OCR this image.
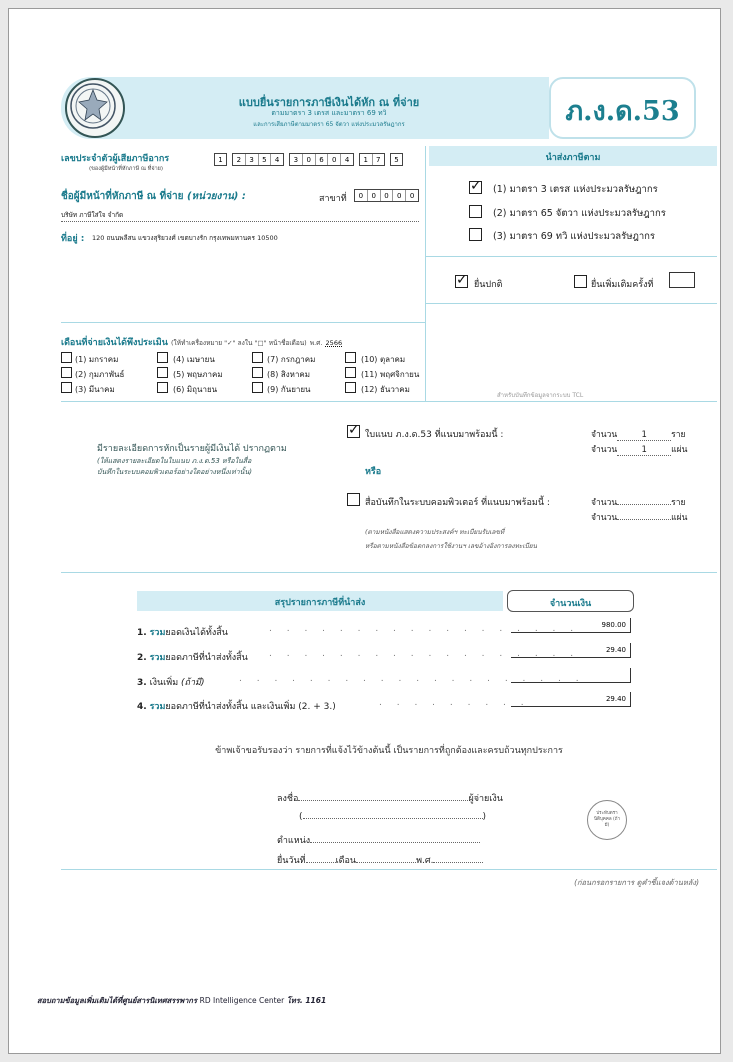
แบบยื่นรายการภาษีเงินได้หัก ณ ที่จ่าย
ตามมาตรา 3 เตรส และมาตรา 69 ทวิ
และการเสียภาษีตามมาตรา 65 จัตวา แห่งประมวลรัษฎากร	ภ.ง.ด.53
เลขประจำตัวผู้เสียภาษีอากร
(ของผู้มีหน้าที่หักภาษี ณ ที่จ่าย)
1	2	3	5	4	3	0	6	0	4	1	7	5
ชื่อผู้มีหน้าที่หักภาษี ณ ที่จ่าย (หน่วยงาน) :	สาขาที่	0	0	0	0	0
บริษัท ภาษีใส่ใจ จำกัด
ที่อยู่ : 120 ถนนพลีสน แขวงสุริยวงศ์ เขตบางรัก กรุงเทพมหานคร 10500
นำส่งภาษีตาม
✓
(1) มาตรา 3 เตรส แห่งประมวลรัษฎากร
(2) มาตรา 65 จัตวา แห่งประมวลรัษฎากร
(3) มาตรา 69 ทวิ แห่งประมวลรัษฎากร
✓
ยื่นปกติ	ยื่นเพิ่มเติมครั้งที่
สำหรับบันทึกข้อมูลจากระบบ TCL
เดือนที่จ่ายเงินได้พึงประเมิน (ให้ทำเครื่องหมาย "✓" ลงใน "□" หน้าชื่อเดือน) พ.ศ. 2566
(1) มกราคม
(2) กุมภาพันธ์
(3) มีนาคม
(4) เมษายน
(5) พฤษภาคม
(6) มิถุนายน
(7) กรกฎาคม
(8) สิงหาคม
(9) กันยายน
(10) ตุลาคม
(11) พฤศจิกายน
(12) ธันวาคม
มีรายละเอียดการหักเป็นรายผู้มีเงินได้ ปรากฏตาม
(ให้แสดงรายละเอียดในใบแนบ ภ.ง.ด.53 หรือในสื่อ
บันทึกในระบบคอมพิวเตอร์อย่างใดอย่างหนึ่งเท่านั้น)
✓
ใบแนบ ภ.ง.ด.53 ที่แนบมาพร้อมนี้ :	จำนวน	1	ราย
จำนวน	1	แผ่น
หรือ
สื่อบันทึกในระบบคอมพิวเตอร์ ที่แนบมาพร้อมนี้ :	จำนวน	ราย
จำนวน	แผ่น
(ตามหนังสือแสดงความประสงค์ฯ ทะเบียนรับเลขที่
หรือตามหนังสือข้อตกลงการใช้งานฯ เลขอ้างอิงการลงทะเบียน
สรุปรายการภาษีที่นำส่ง	จำนวนเงิน
1. รวมยอดเงินได้ทั้งสิ้น	. . . . . . . . . . . . . . . . . .	980.00
2. รวมยอดภาษีที่นำส่งทั้งสิ้น . . . . . . . . . . . . . . . . . .	29.40
3. เงินเพิ่ม (ถ้ามี)	. . . . . . . . . . . . . . . . . . . .
4. รวมยอดภาษีที่นำส่งทั้งสิ้น และเงินเพิ่ม (2. + 3.)	. . . . . . . . .	29.40
ข้าพเจ้าขอรับรองว่า รายการที่แจ้งไว้ข้างต้นนี้ เป็นรายการที่ถูกต้องและครบถ้วนทุกประการ
ลงชื่อ	ผู้จ่ายเงิน
(	)
ตำแหน่ง
ยื่นวันที่	เดือน	พ.ศ.
ประทับตรา นิติบุคคล (ถ้ามี)
(ก่อนกรอกรายการ ดูคำชี้แจงด้านหลัง)
สอบถามข้อมูลเพิ่มเติมได้ที่ศูนย์สารนิเทศสรรพากร RD Intelligence Center โทร. 1161
